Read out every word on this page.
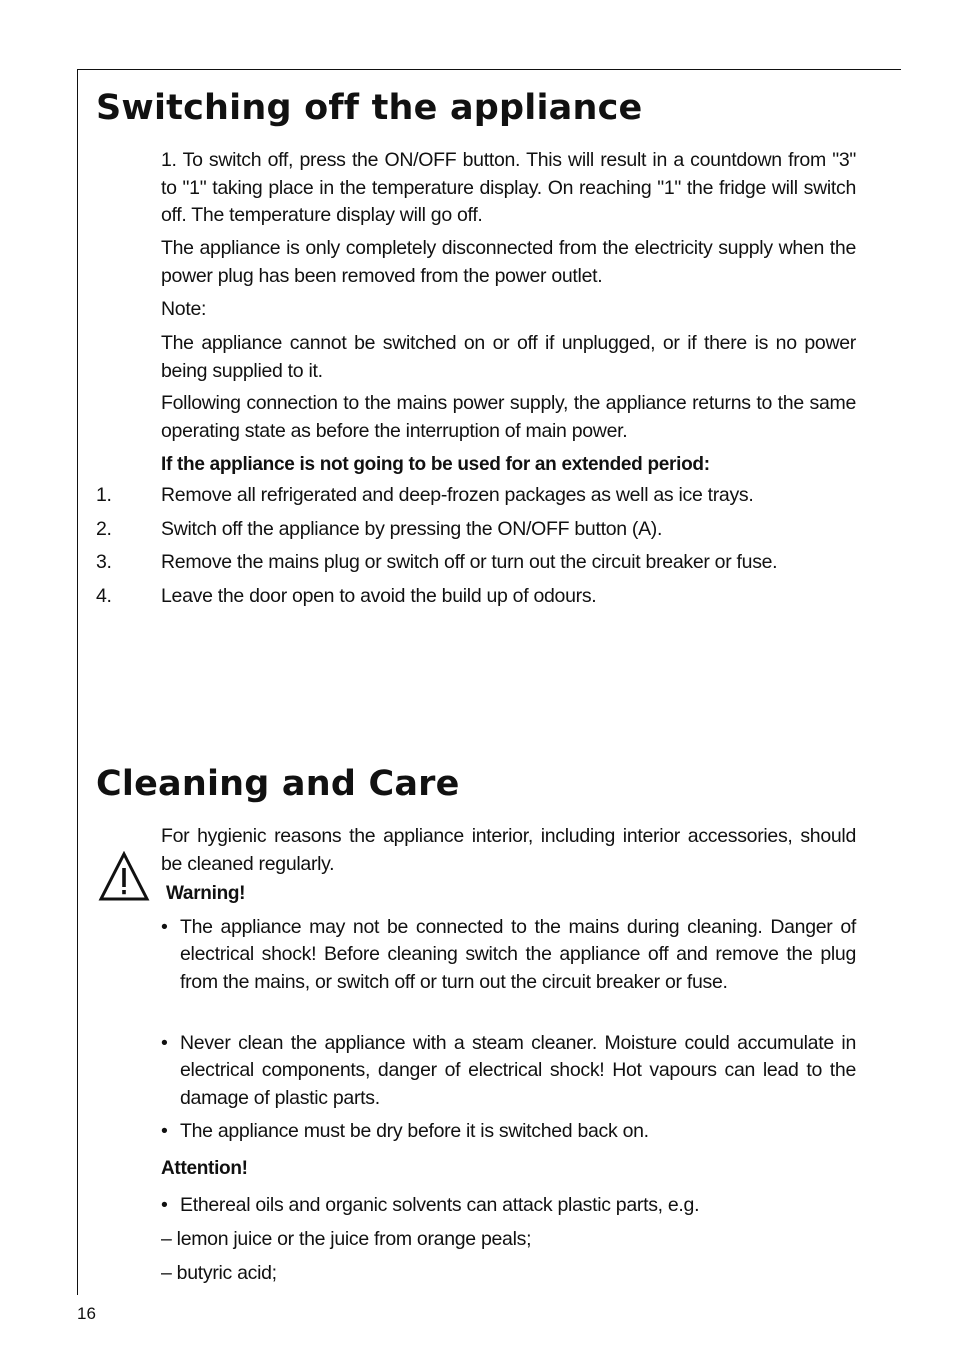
Switching off the appliance
1. To switch off, press the ON/OFF button. This will result in a countdown from "3" to "1" taking place in the temperature display. On reaching "1" the fridge will switch off. The temperature display will go off.
The appliance is only completely disconnected from the electricity supply when the power plug has been removed from the power outlet.
Note:
The appliance cannot be switched on or off if unplugged, or if there is no power being supplied to it.
Following connection to the mains power supply, the appliance returns to the same operating state as before the interruption of main power.
If the appliance is not going to be used for an extended period:
1.	Remove all refrigerated and deep-frozen packages as well as ice trays.
2.	Switch off the appliance by pressing the ON/OFF button (A).
3.	Remove the mains plug or switch off or turn out the circuit breaker or fuse.
4.	Leave the door open to avoid the build up of odours.
Cleaning and Care
For hygienic reasons the appliance interior, including interior accessories, should be cleaned regularly.
Warning!
• The appliance may not be connected to the mains during cleaning. Danger of electrical shock! Before cleaning switch the appliance off and remove the plug from the mains, or switch off or turn out the circuit breaker or fuse.
• Never clean the appliance with a steam cleaner. Moisture could accumulate in electrical components, danger of electrical shock! Hot vapours can lead to the damage of plastic parts.
• The appliance must be dry before it is switched back on.
Attention!
• Ethereal oils and organic solvents can attack plastic parts, e.g.
– lemon juice or the juice from orange peals;
– butyric acid;
16
